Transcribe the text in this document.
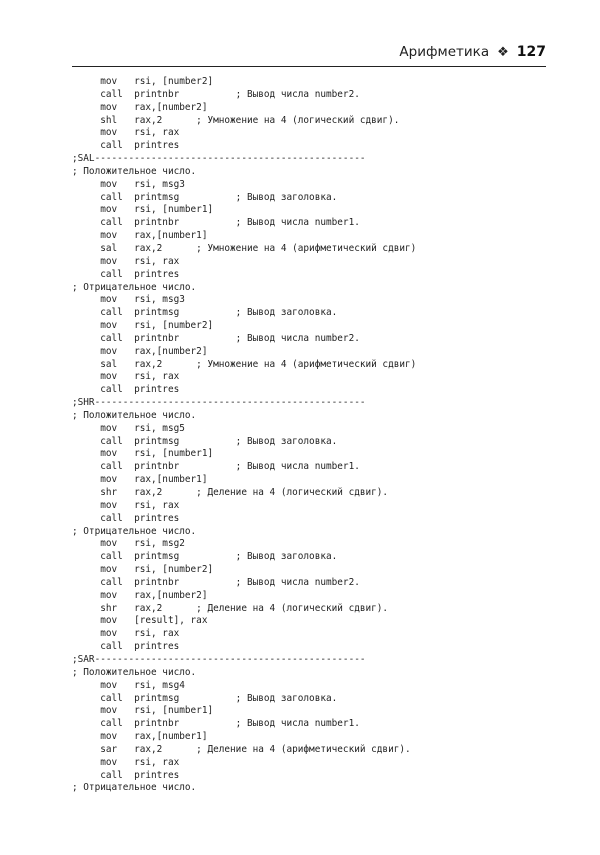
Арифметика ❖ 127
mov   rsi, [number2]
call  printnbr          ; Вывод числа number2.
mov   rax,[number2]
shl   rax,2      ; Умножение на 4 (логический сдвиг).
mov   rsi, rax
call  printres
;SAL------------------------------------------------
; Положительное число.
mov   rsi, msg3
call  printmsg          ; Вывод заголовка.
mov   rsi, [number1]
call  printnbr          ; Вывод числа number1.
mov   rax,[number1]
sal   rax,2      ; Умножение на 4 (арифметический сдвиг)
mov   rsi, rax
call  printres
; Отрицательное число.
mov   rsi, msg3
call  printmsg          ; Вывод заголовка.
mov   rsi, [number2]
call  printnbr          ; Вывод числа number2.
mov   rax,[number2]
sal   rax,2      ; Умножение на 4 (арифметический сдвиг)
mov   rsi, rax
call  printres
;SHR------------------------------------------------
; Положительное число.
mov   rsi, msg5
call  printmsg          ; Вывод заголовка.
mov   rsi, [number1]
call  printnbr          ; Вывод числа number1.
mov   rax,[number1]
shr   rax,2      ; Деление на 4 (логический сдвиг).
mov   rsi, rax
call  printres
; Отрицательное число.
mov   rsi, msg2
call  printmsg          ; Вывод заголовка.
mov   rsi, [number2]
call  printnbr          ; Вывод числа number2.
mov   rax,[number2]
shr   rax,2      ; Деление на 4 (логический сдвиг).
mov   [result], rax
mov   rsi, rax
call  printres
;SAR------------------------------------------------
; Положительное число.
mov   rsi, msg4
call  printmsg          ; Вывод заголовка.
mov   rsi, [number1]
call  printnbr          ; Вывод числа number1.
mov   rax,[number1]
sar   rax,2      ; Деление на 4 (арифметический сдвиг).
mov   rsi, rax
call  printres
; Отрицательное число.
